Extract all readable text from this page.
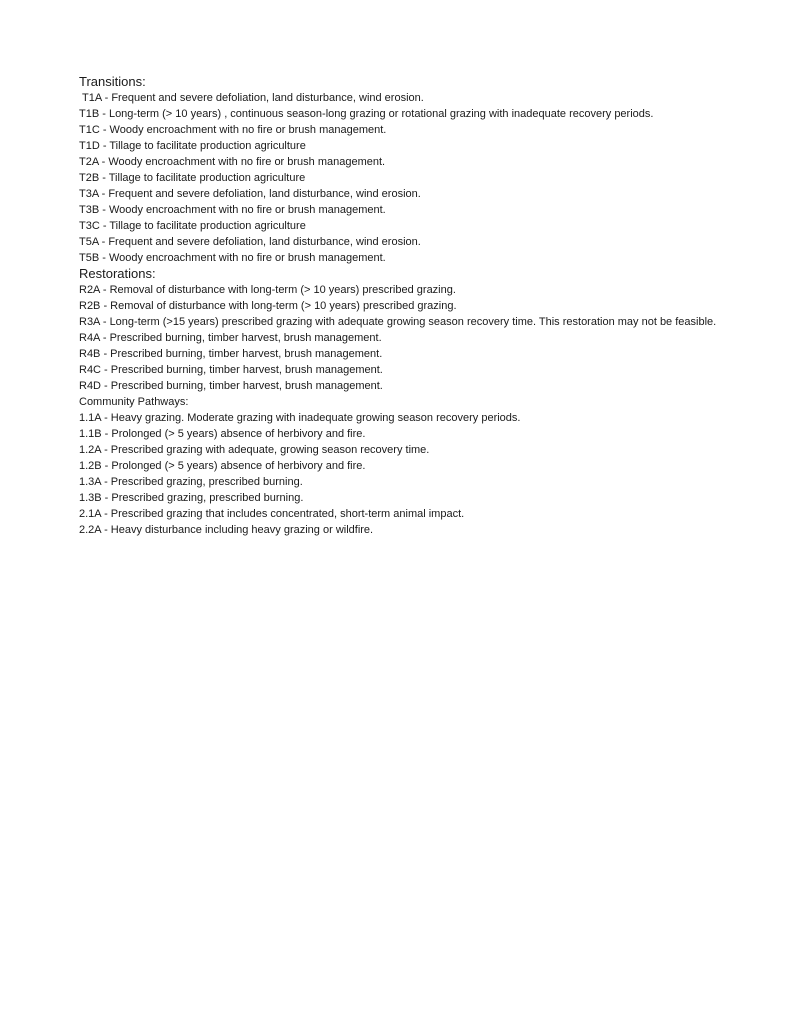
Transitions:
T1A - Frequent and severe defoliation, land disturbance, wind erosion.
T1B - Long-term (> 10 years) , continuous season-long grazing or rotational grazing with inadequate recovery periods.
T1C - Woody encroachment with no fire or brush management.
T1D - Tillage to facilitate production agriculture
T2A - Woody encroachment with no fire or brush management.
T2B - Tillage to facilitate production agriculture
T3A - Frequent and severe defoliation, land disturbance, wind erosion.
T3B - Woody encroachment with no fire or brush management.
T3C - Tillage to facilitate production agriculture
T5A - Frequent and severe defoliation, land disturbance, wind erosion.
T5B - Woody encroachment with no fire or brush management.
Restorations:
R2A - Removal of disturbance with long-term (> 10 years) prescribed grazing.
R2B - Removal of disturbance with long-term (> 10 years) prescribed grazing.
R3A - Long-term (>15 years) prescribed grazing with adequate growing season recovery time. This restoration may not be feasible.
R4A - Prescribed burning, timber harvest, brush management.
R4B - Prescribed burning, timber harvest, brush management.
R4C - Prescribed burning, timber harvest, brush management.
R4D - Prescribed burning, timber harvest, brush management.
Community Pathways:
1.1A - Heavy grazing. Moderate grazing with inadequate growing season recovery periods.
1.1B - Prolonged (> 5 years) absence of herbivory and fire.
1.2A - Prescribed grazing with adequate, growing season recovery time.
1.2B - Prolonged (> 5 years) absence of herbivory and fire.
1.3A - Prescribed grazing, prescribed burning.
1.3B - Prescribed grazing, prescribed burning.
2.1A - Prescribed grazing that includes concentrated, short-term animal impact.
2.2A - Heavy disturbance including heavy grazing or wildfire.
